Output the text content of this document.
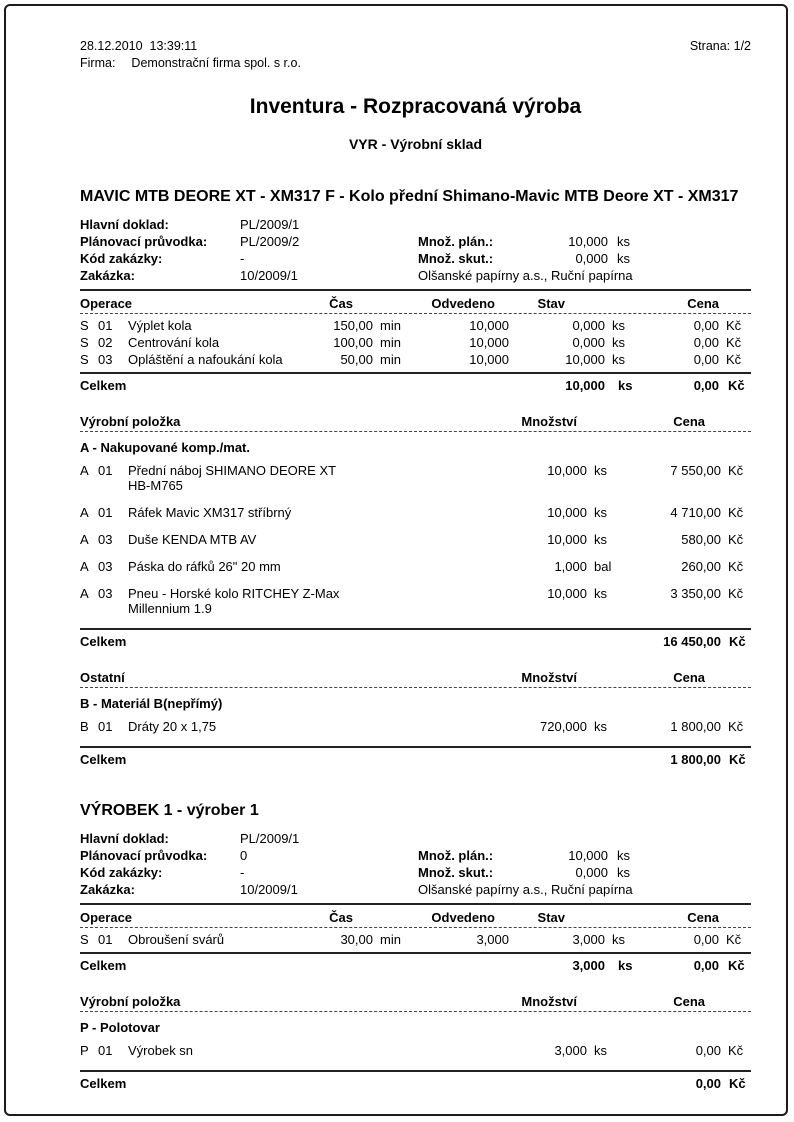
28.12.2010  13:39:11	Strana: 1/2
Firma: Demonstrační firma spol. s r.o.
Inventura - Rozpracovaná výroba
VYR - Výrobní sklad
MAVIC MTB DEORE XT - XM317 F - Kolo přední Shimano-Mavic MTB Deore XT - XM317
Hlavní doklad:	PL/2009/1
Plánovací průvodka:	PL/2009/2	Množ. plán.:	10,000 ks
Kód zakázky:	-	Množ. skut.:	0,000 ks
Zakázka:	10/2009/1	Olšanské papírny a.s., Ruční papírna
Operace	Čas	Odvedeno	Stav	Cena
S 01	Výplet kola	150,00 min	10,000	0,000 ks	0,00 Kč
S 02	Centrování kola	100,00 min	10,000	0,000 ks	0,00 Kč
S 03	Opláštění a nafoukání kola	50,00 min	10,000	10,000 ks	0,00 Kč
Celkem	10,000	ks	0,00 Kč
Výrobní položka	Množství	Cena
A - Nakupované komp./mat.
A 01	Přední náboj SHIMANO DEORE XT
HB-M765
10,000 ks	7 550,00 Kč
A 01	Ráfek Mavic XM317 stříbrný	10,000 ks	4 710,00 Kč
A 03	Duše KENDA MTB AV	10,000 ks	580,00 Kč
A 03	Páska do ráfků 26" 20 mm	1,000 bal	260,00 Kč
A 03	Pneu - Horské kolo RITCHEY Z-Max
Millennium 1.9
10,000 ks	3 350,00 Kč
Celkem	16 450,00 Kč
Ostatní	Množství	Cena
B - Materiál B(nepřímý)
B 01	Dráty 20 x 1,75	720,000 ks	1 800,00 Kč
Celkem	1 800,00 Kč
VÝROBEK 1 - výrober 1
Hlavní doklad:	PL/2009/1
Plánovací průvodka:	0	Množ. plán.:	10,000 ks
Kód zakázky:	-	Množ. skut.:	0,000 ks
Zakázka:	10/2009/1	Olšanské papírny a.s., Ruční papírna
Operace	Čas	Odvedeno	Stav	Cena
S 01	Obroušení svárů	30,00 min	3,000	3,000 ks	0,00 Kč
Celkem	3,000	ks	0,00 Kč
Výrobní položka	Množství	Cena
P - Polotovar
P 01	Výrobek sn	3,000 ks	0,00 Kč
Celkem	0,00 Kč
